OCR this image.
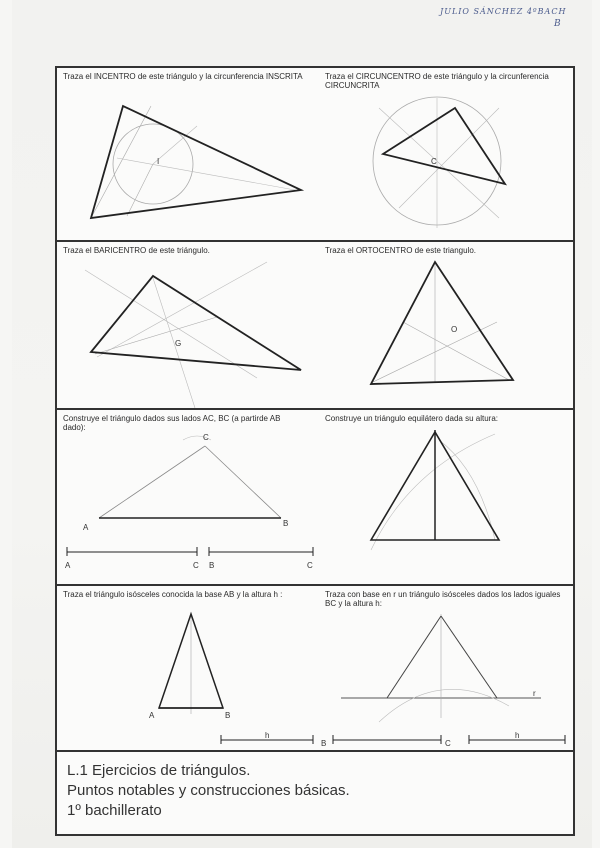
JULIO SÁNCHEZ 4ºBACH
B
Traza el INCENTRO de este triángulo y la circunferencia INSCRITA
I
Traza el CIRCUNCENTRO de este triángulo y la circunferencia CIRCUNCRITA
C
Traza el BARICENTRO de este triángulo.
G
Traza el ORTOCENTRO de este triangulo.
O
Construye el triángulo dados sus lados AC, BC (a partirde AB dado):
A	B
C
A	C B	C
Construye un triángulo equilátero dada su altura:
Traza el triángulo isósceles conocida la base AB y la altura h :
A	B
h
Traza con base en r un triángulo isósceles dados los lados iguales BC y la altura h:
r
B	C
h
L.1 Ejercicios de triángulos.
Puntos notables y construcciones básicas.
1º bachillerato
